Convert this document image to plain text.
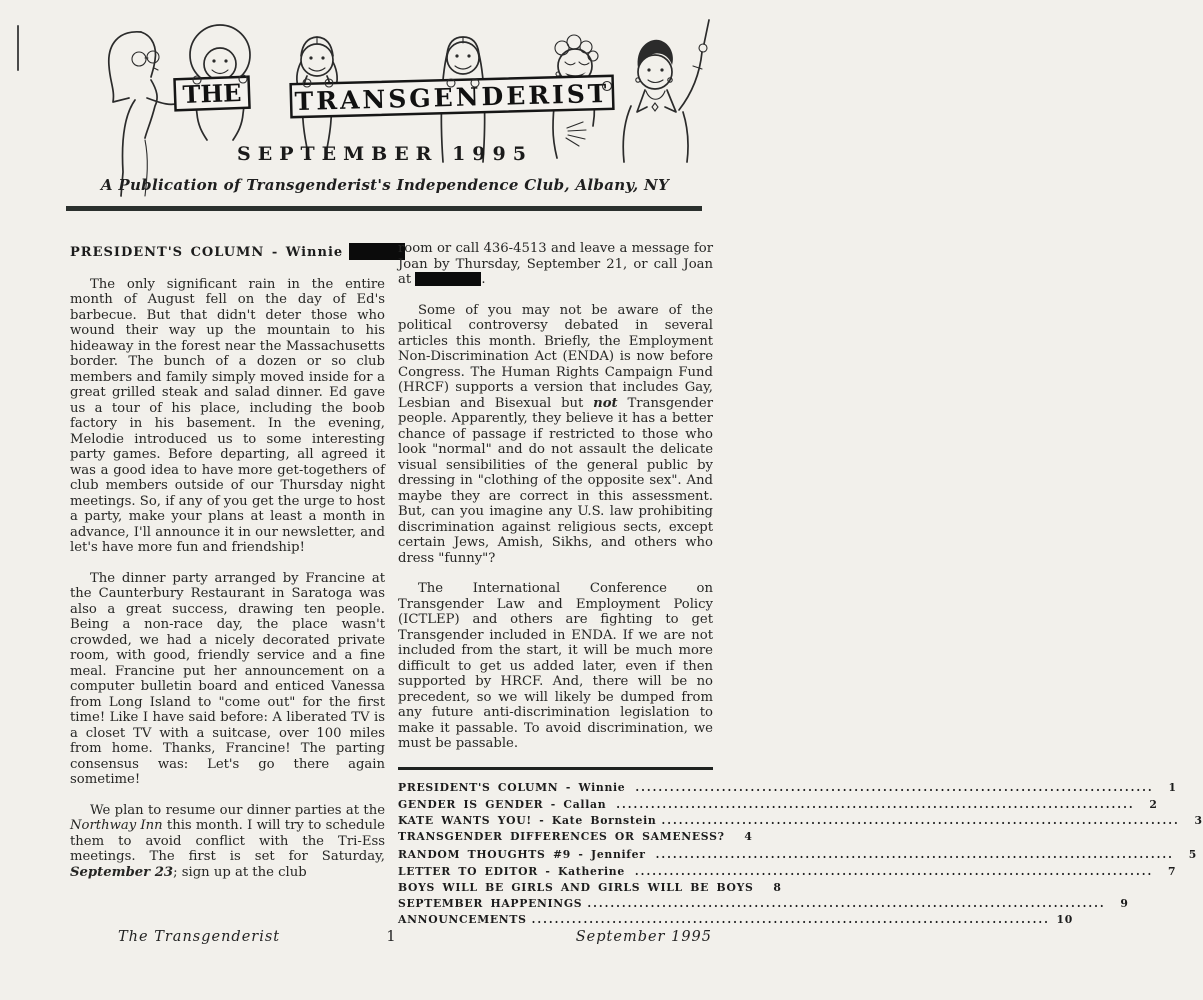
THE TRANSGENDERIST
SEPTEMBER 1995
A Publication of Transgenderist's Independence Club, Albany, NY
PRESIDENT'S COLUMN - Winnie

The only significant rain in the entire month of August fell on the day of Ed's barbecue. But that didn't deter those who wound their way up the mountain to his hideaway in the forest near the Massachusetts border. The bunch of a dozen or so club members and family simply moved inside for a great grilled steak and salad dinner. Ed gave us a tour of his place, including the boob factory in his basement. In the evening, Melodie introduced us to some interesting party games. Before departing, all agreed it was a good idea to have more get-togethers of club members outside of our Thursday night meetings. So, if any of you get the urge to host a party, make your plans at least a month in advance, I'll announce it in our newsletter, and let's have more fun and friendship!

The dinner party arranged by Francine at the Caunterbury Restaurant in Saratoga was also a great success, drawing ten people. Being a non-race day, the place wasn't crowded, we had a nicely decorated private room, with good, friendly service and a fine meal. Francine put her announcement on a computer bulletin board and enticed Vanessa from Long Island to "come out" for the first time! Like I have said before: A liberated TV is a closet TV with a suitcase, over 100 miles from home. Thanks, Francine! The parting consensus was: Let's go there again sometime!

We plan to resume our dinner parties at the Northway Inn this month. I will try to schedule them to avoid conflict with the Tri-Ess meetings. The first is set for Saturday, September 23; sign up at the club

room or call 436-4513 and leave a message for Joan by Thursday, September 21, or call Joan at	.

Some of you may not be aware of the political controversy debated in several articles this month. Briefly, the Employment Non-Discrimination Act (ENDA) is now before Congress. The Human Rights Campaign Fund (HRCF) supports a version that includes Gay, Lesbian and Bisexual but not Transgender people. Apparently, they believe it has a better chance of passage if restricted to those who look "normal" and do not assault the delicate visual sensibilities of the general public by dressing in "clothing of the opposite sex". And maybe they are correct in this assessment. But, can you imagine any U.S. law prohibiting discrimination against religious sects, except certain Jews, Amish, Sikhs, and others who dress "funny"?

The International Conference on Transgender Law and Employment Policy (ICTLEP) and others are fighting to get Transgender included in ENDA. If we are not included from the start, it will be much more difficult to get us added later, even if then supported by HRCF. And, there will be no precedent, so we will likely be dumped from any future anti-discrimination legislation to make it passable. To avoid discrimination, we must be passable.

PRESIDENT'S COLUMN - Winnie .....	1
GENDER IS GENDER - Callan .....	2
KATE WANTS YOU! - Kate Bornstein .....	3
TRANSGENDER DIFFERENCES OR SAMENESS?	4
RANDOM THOUGHTS #9 - Jennifer .....	5
LETTER TO EDITOR - Katherine .....	7
BOYS WILL BE GIRLS AND GIRLS WILL BE BOYS	8
SEPTEMBER HAPPENINGS .....	9
ANNOUNCEMENTS .....	10
The Transgenderist	1	September 1995
